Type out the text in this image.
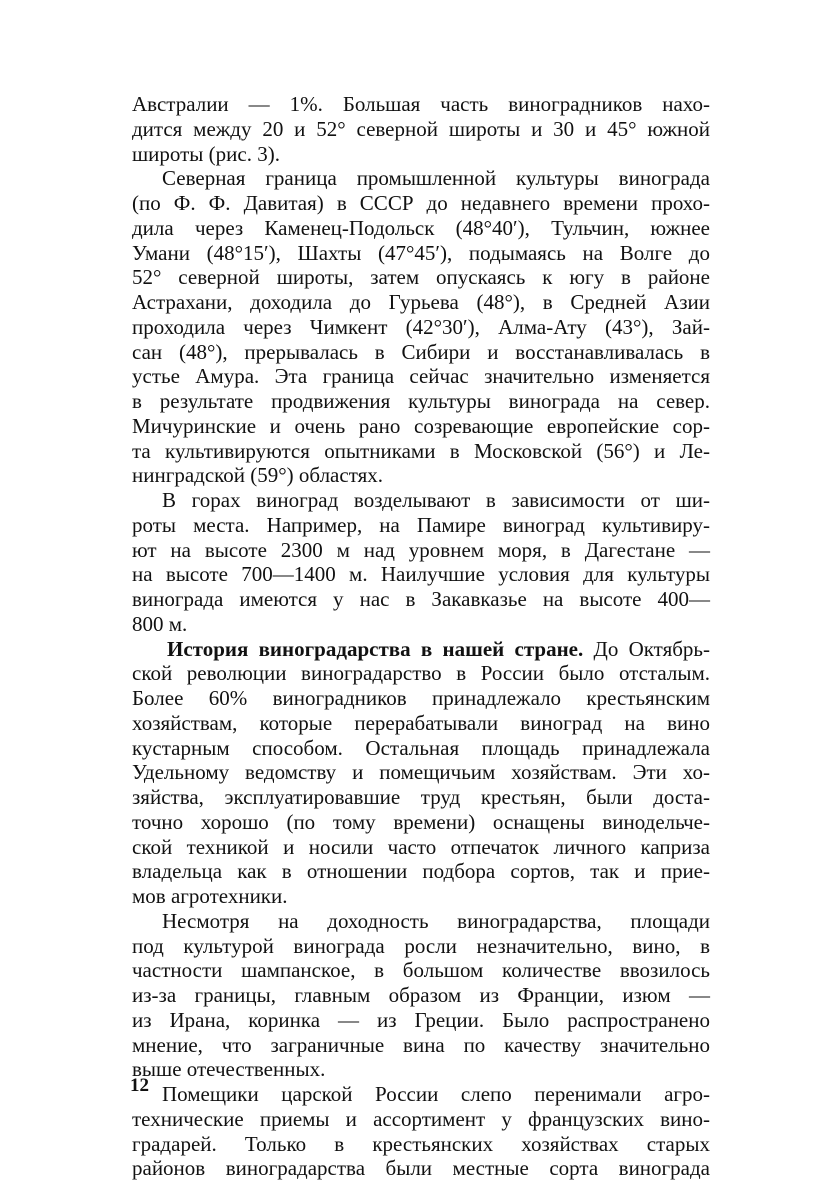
Австралии — 1%. Большая часть виноградников нахо-
дится между 20 и 52° северной широты и 30 и 45° южной
широты (рис. 3).
Северная граница промышленной культуры винограда
(по Ф. Ф. Давитая) в СССР до недавнего времени прохо-
дила через Каменец-Подольск (48°40′), Тульчин, южнее
Умани (48°15′), Шахты (47°45′), подымаясь на Волге до
52° северной широты, затем опускаясь к югу в районе
Астрахани, доходила до Гурьева (48°), в Средней Азии
проходила через Чимкент (42°30′), Алма-Ату (43°), Зай-
сан (48°), прерывалась в Сибири и восстанавливалась в
устье Амура. Эта граница сейчас значительно изменяется
в результате продвижения культуры винограда на север.
Мичуринские и очень рано созревающие европейские сор-
та культивируются опытниками в Московской (56°) и Ле-
нинградской (59°) областях.
В горах виноград возделывают в зависимости от ши-
роты места. Например, на Памире виноград культивиру-
ют на высоте 2300 м над уровнем моря, в Дагестане —
на высоте 700—1400 м. Наилучшие условия для культуры
винограда имеются у нас в Закавказье на высоте 400—
800 м.
История виноградарства в нашей стране. До Октябрь-
ской революции виноградарство в России было отсталым.
Более 60% виноградников принадлежало крестьянским
хозяйствам, которые перерабатывали виноград на вино
кустарным способом. Остальная площадь принадлежала
Удельному ведомству и помещичьим хозяйствам. Эти хо-
зяйства, эксплуатировавшие труд крестьян, были доста-
точно хорошо (по тому времени) оснащены винодельче-
ской техникой и носили часто отпечаток личного каприза
владельца как в отношении подбора сортов, так и прие-
мов агротехники.
Несмотря на доходность виноградарства, площади
под культурой винограда росли незначительно, вино, в
частности шампанское, в большом количестве ввозилось
из-за границы, главным образом из Франции, изюм —
из Ирана, коринка — из Греции. Было распространено
мнение, что заграничные вина по качеству значительно
выше отечественных.
Помещики царской России слепо перенимали агро-
технические приемы и ассортимент у французских вино-
градарей. Только в крестьянских хозяйствах старых
районов виноградарства были местные сорта винограда
12
